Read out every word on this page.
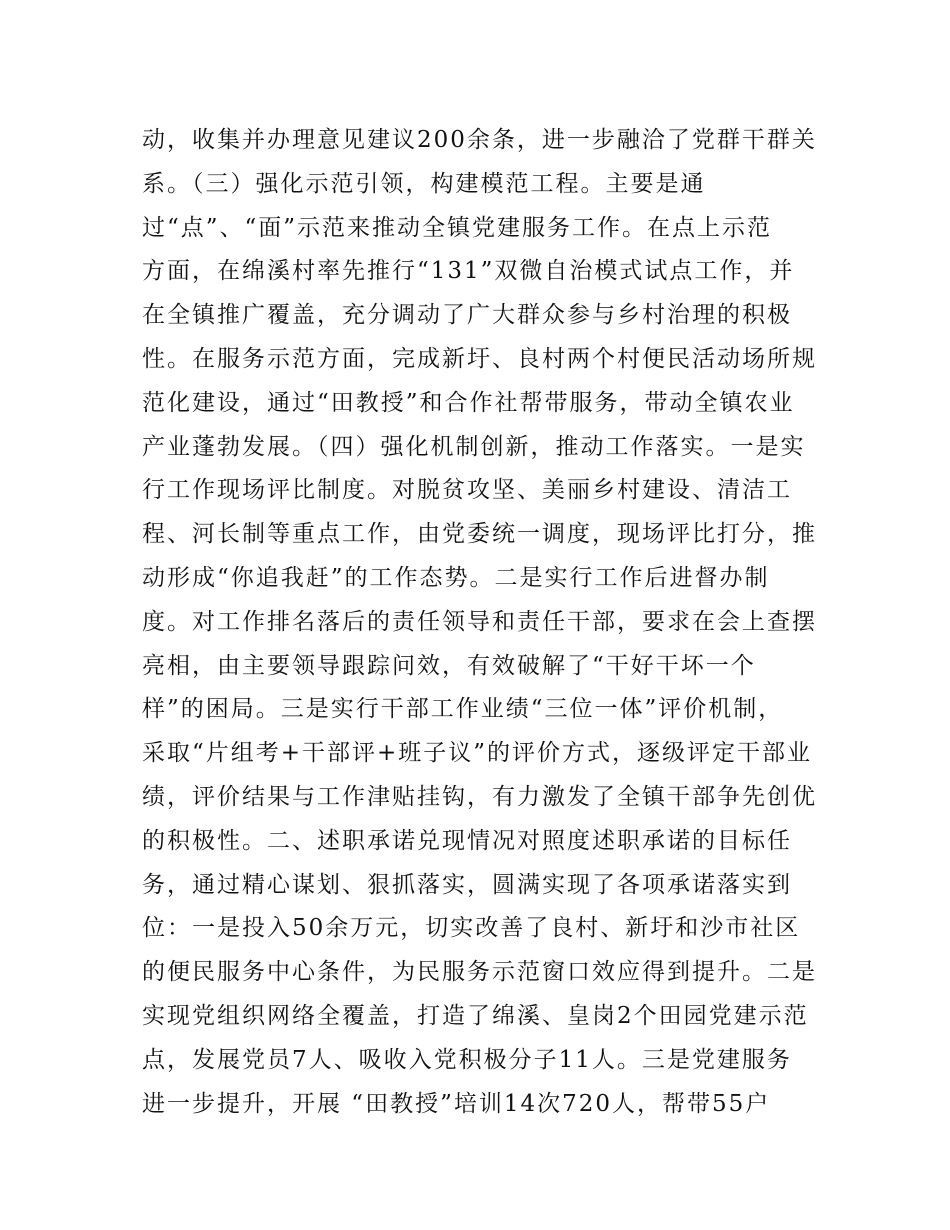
动，收集并办理意见建议200余条，进一步融洽了党群干群关
系。（三）强化示范引领，构建模范工程。主要是通
过“点”、“面”示范来推动全镇党建服务工作。在点上示范
方面，在绵溪村率先推行“131”双微自治模式试点工作，并
在全镇推广覆盖，充分调动了广大群众参与乡村治理的积极
性。在服务示范方面，完成新圩、良村两个村便民活动场所规
范化建设，通过“田教授”和合作社帮带服务，带动全镇农业
产业蓬勃发展。（四）强化机制创新，推动工作落实。一是实
行工作现场评比制度。对脱贫攻坚、美丽乡村建设、清洁工
程、河长制等重点工作，由党委统一调度，现场评比打分，推
动形成“你追我赶”的工作态势。二是实行工作后进督办制
度。对工作排名落后的责任领导和责任干部，要求在会上查摆
亮相，由主要领导跟踪问效，有效破解了“干好干坏一个
样”的困局。三是实行干部工作业绩“三位一体”评价机制，
采取“片组考+干部评+班子议”的评价方式，逐级评定干部业
绩，评价结果与工作津贴挂钩，有力激发了全镇干部争先创优
的积极性。二、述职承诺兑现情况对照度述职承诺的目标任
务，通过精心谋划、狠抓落实，圆满实现了各项承诺落实到
位：一是投入50余万元，切实改善了良村、新圩和沙市社区
的便民服务中心条件，为民服务示范窗口效应得到提升。二是
实现党组织网络全覆盖，打造了绵溪、皇岗2个田园党建示范
点，发展党员7人、吸收入党积极分子11人。三是党建服务
进一步提升，开展 “田教授”培训14次720人，帮带55户
